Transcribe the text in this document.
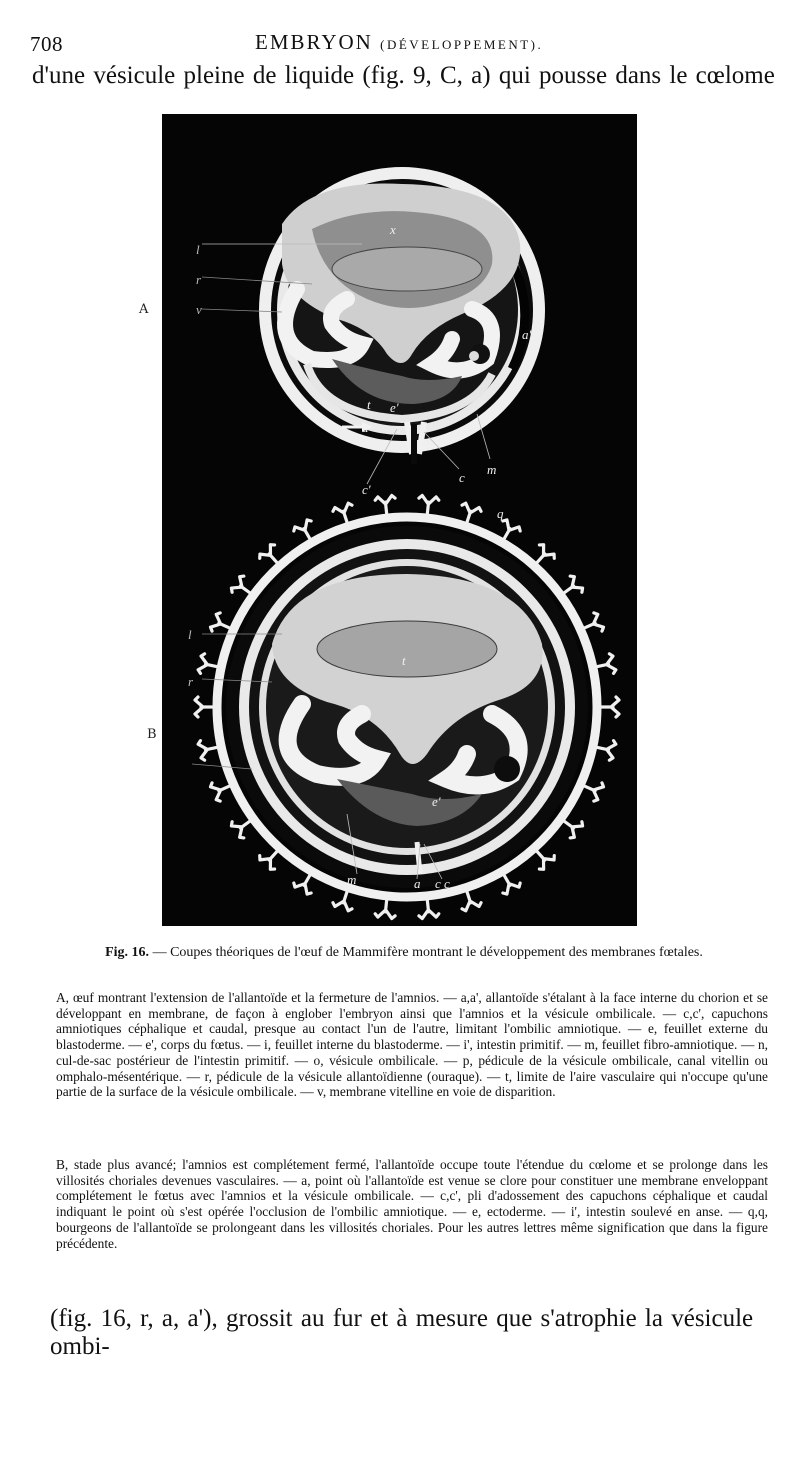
708	EMBRYON (DÉVELOPPEMENT).
d'une vésicule pleine de liquide (fig. 9, C, a) qui pousse dans le cœlome
A
B
x
l
r
v
a'
a
t e'
m
c'
c
q
l
r
t
e'
m	a c c
Fig. 16. — Coupes théoriques de l'œuf de Mammifère montrant le développement des membranes fœtales.
A, œuf montrant l'extension de l'allantoïde et la fermeture de l'amnios. — a,a', allantoïde s'étalant à la face interne du chorion et se développant en membrane, de façon à englober l'embryon ainsi que l'amnios et la vésicule ombilicale. — c,c', capuchons amniotiques céphalique et caudal, presque au contact l'un de l'autre, limitant l'ombilic amniotique. — e, feuillet externe du blastoderme. — e', corps du fœtus. — i, feuillet interne du blastoderme. — i', intestin primitif. — m, feuillet fibro-amniotique. — n, cul-de-sac postérieur de l'intestin primitif. — o, vésicule ombilicale. — p, pédicule de la vésicule ombilicale, canal vitellin ou omphalo-mésentérique. — r, pédicule de la vésicule allantoïdienne (ouraque). — t, limite de l'aire vasculaire qui n'occupe qu'une partie de la surface de la vésicule ombilicale. — v, membrane vitelline en voie de disparition.
B, stade plus avancé; l'amnios est complétement fermé, l'allantoïde occupe toute l'étendue du cœlome et se prolonge dans les villosités choriales devenues vasculaires. — a, point où l'allantoïde est venue se clore pour constituer une membrane enveloppant complétement le fœtus avec l'amnios et la vésicule ombilicale. — c,c', pli d'adossement des capuchons céphalique et caudal indiquant le point où s'est opérée l'occlusion de l'ombilic amniotique. — e, ectoderme. — i', intestin soulevé en anse. — q,q, bourgeons de l'allantoïde se prolongeant dans les villosités choriales. Pour les autres lettres même signification que dans la figure précédente.
(fig. 16, r, a, a'), grossit au fur et à mesure que s'atrophie la vésicule ombi-
